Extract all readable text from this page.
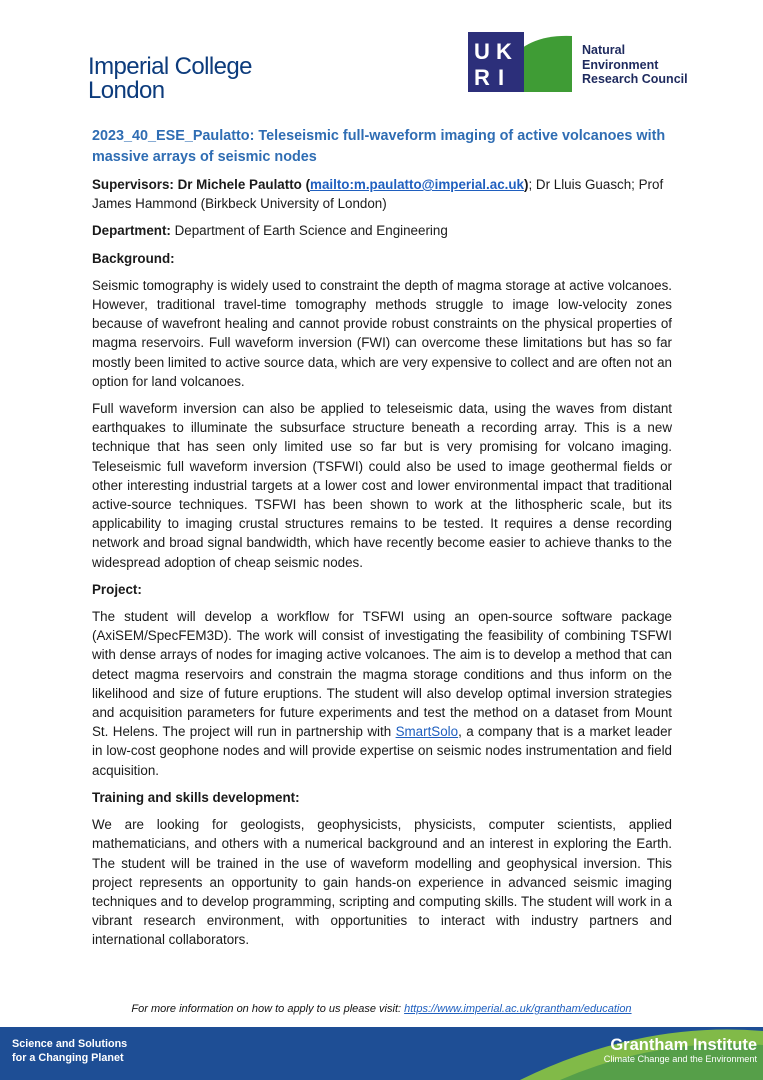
Imperial College
London
U K
R I
Natural
Environment
Research Council
2023_40_ESE_Paulatto: Teleseismic full-waveform imaging of active volcanoes with massive arrays of seismic nodes
Supervisors: Dr Michele Paulatto (mailto:m.paulatto@imperial.ac.uk); Dr Lluis Guasch; Prof James Hammond (Birkbeck University of London)
Department: Department of Earth Science and Engineering
Background:
Seismic tomography is widely used to constraint the depth of magma storage at active volcanoes. However, traditional travel-time tomography methods struggle to image low-velocity zones because of wavefront healing and cannot provide robust constraints on the physical properties of magma reservoirs. Full waveform inversion (FWI) can overcome these limitations but has so far mostly been limited to active source data, which are very expensive to collect and are often not an option for land volcanoes.
Full waveform inversion can also be applied to teleseismic data, using the waves from distant earthquakes to illuminate the subsurface structure beneath a recording array. This is a new technique that has seen only limited use so far but is very promising for volcano imaging. Teleseismic full waveform inversion (TSFWI) could also be used to image geothermal fields or other interesting industrial targets at a lower cost and lower environmental impact that traditional active-source techniques. TSFWI has been shown to work at the lithospheric scale, but its applicability to imaging crustal structures remains to be tested. It requires a dense recording network and broad signal bandwidth, which have recently become easier to achieve thanks to the widespread adoption of cheap seismic nodes.
Project:
The student will develop a workflow for TSFWI using an open-source software package (AxiSEM/SpecFEM3D). The work will consist of investigating the feasibility of combining TSFWI with dense arrays of nodes for imaging active volcanoes. The aim is to develop a method that can detect magma reservoirs and constrain the magma storage conditions and thus inform on the likelihood and size of future eruptions. The student will also develop optimal inversion strategies and acquisition parameters for future experiments and test the method on a dataset from Mount St. Helens. The project will run in partnership with SmartSolo, a company that is a market leader in low-cost geophone nodes and will provide expertise on seismic nodes instrumentation and field acquisition.
Training and skills development:
We are looking for geologists, geophysicists, physicists, computer scientists, applied mathematicians, and others with a numerical background and an interest in exploring the Earth. The student will be trained in the use of waveform modelling and geophysical inversion. This project represents an opportunity to gain hands-on experience in advanced seismic imaging techniques and to develop programming, scripting and computing skills. The student will work in a vibrant research environment, with opportunities to interact with industry partners and international collaborators.
For more information on how to apply to us please visit: https://www.imperial.ac.uk/grantham/education
Science and Solutions
for a Changing Planet
Grantham Institute
Climate Change and the Environment
